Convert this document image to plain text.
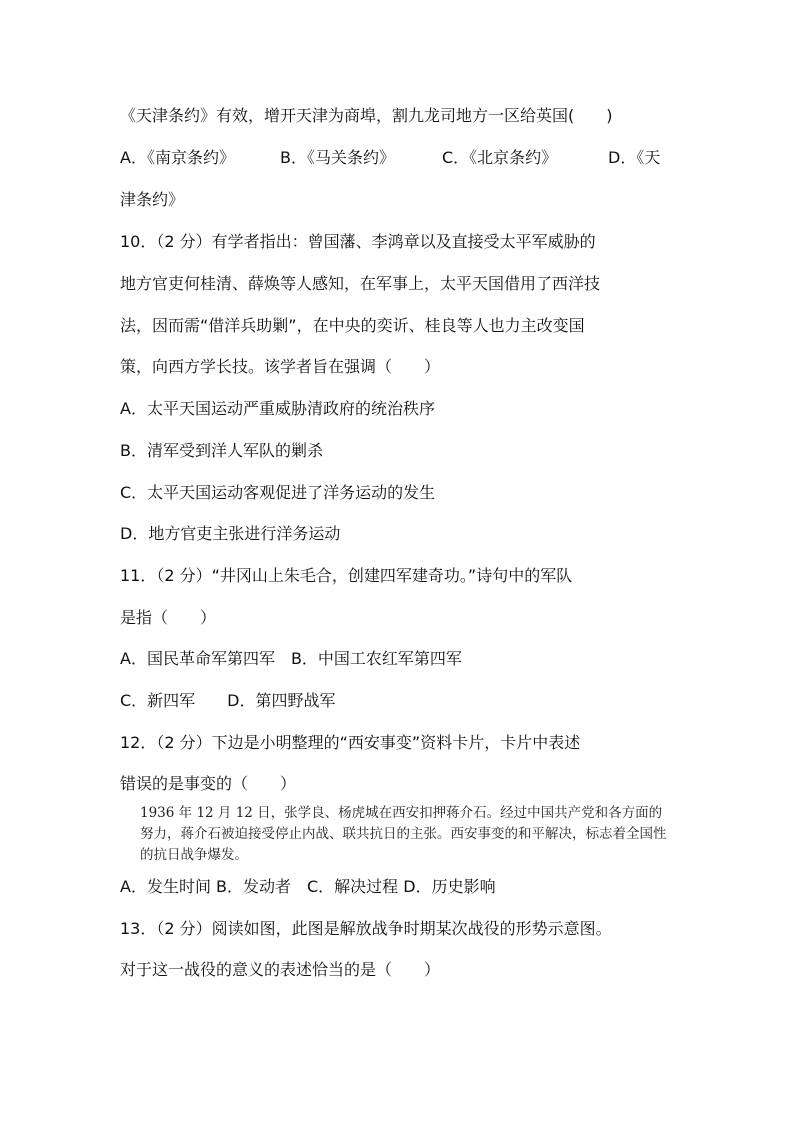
《天津条约》有效，增开天津为商埠，割九龙司地方一区给英国(　　)
A．《南京条约》	B．《马关条约》	C．《北京条约》	D．《天
津条约》
10．（2 分）有学者指出：曾国藩、李鸿章以及直接受太平军威胁的
地方官吏何桂清、薛焕等人感知，在军事上，太平天国借用了西洋技
法，因而需“借洋兵助剿”，在中央的奕䜣、桂良等人也力主改变国
策，向西方学长技。该学者旨在强调（　　）
A．太平天国运动严重威胁清政府的统治秩序
B．清军受到洋人军队的剿杀
C．太平天国运动客观促进了洋务运动的发生
D．地方官吏主张进行洋务运动
11．（2 分）“井冈山上朱毛合，创建四军建奇功。”诗句中的军队
是指（　　）
A．国民革命军第四军　B．中国工农红军第四军
C．新四军　　D．第四野战军
12．（2 分）下边是小明整理的“西安事变”资料卡片，卡片中表述
错误的是事变的（　　）
1936 年 12 月 12 日，张学良、杨虎城在西安扣押蒋介石。经过中国共产党和各方面的努力，蒋介石被迫接受停止内战、联共抗日的主张。西安事变的和平解决，标志着全国性的抗日战争爆发。
A．发生时间 B．发动者　C．解决过程 D．历史影响
13．（2 分）阅读如图，此图是解放战争时期某次战役的形势示意图。
对于这一战役的意义的表述恰当的是（　　）
